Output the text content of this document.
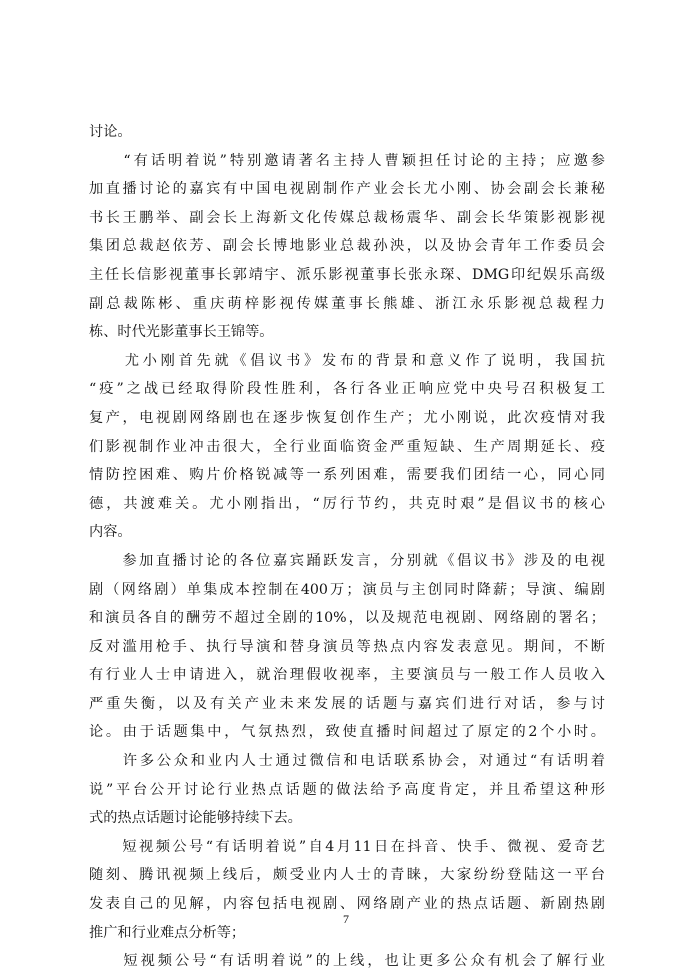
讨论。
　　“有话明着说”特别邀请著名主持人曹颖担任讨论的主持；应邀参
加直播讨论的嘉宾有中国电视剧制作产业会长尤小刚、协会副会长兼秘
书长王鹏举、副会长上海新文化传媒总裁杨震华、副会长华策影视影视
集团总裁赵依芳、副会长博地影业总裁孙泱，以及协会青年工作委员会
主任长信影视董事长郭靖宇、派乐影视董事长张永琛、DMG印纪娱乐高级
副总裁陈彬、重庆萌梓影视传媒董事长熊雄、浙江永乐影视总裁程力
栋、时代光影董事长王锦等。
　　尤小刚首先就《倡议书》发布的背景和意义作了说明，我国抗
“疫”之战已经取得阶段性胜利，各行各业正响应党中央号召积极复工
复产，电视剧网络剧也在逐步恢复创作生产；尤小刚说，此次疫情对我
们影视制作业冲击很大，全行业面临资金严重短缺、生产周期延长、疫
情防控困难、购片价格锐减等一系列困难，需要我们团结一心，同心同
德，共渡难关。尤小刚指出，“厉行节约，共克时艰”是倡议书的核心
内容。
　　参加直播讨论的各位嘉宾踊跃发言，分别就《倡议书》涉及的电视
剧（网络剧）单集成本控制在400万；演员与主创同时降薪；导演、编剧
和演员各自的酬劳不超过全剧的10%，以及规范电视剧、网络剧的署名；
反对滥用枪手、执行导演和替身演员等热点内容发表意见。期间，不断
有行业人士申请进入，就治理假收视率，主要演员与一般工作人员收入
严重失衡，以及有关产业未来发展的话题与嘉宾们进行对话，参与讨
论。由于话题集中，气氛热烈，致使直播时间超过了原定的2个小时。
　　许多公众和业内人士通过微信和电话联系协会，对通过“有话明着
说”平台公开讨论行业热点话题的做法给予高度肯定，并且希望这种形
式的热点话题讨论能够持续下去。
　　短视频公号“有话明着说”自4月11日在抖音、快手、微视、爱奇艺
随刻、腾讯视频上线后，颇受业内人士的青睐，大家纷纷登陆这一平台
发表自己的见解，内容包括电视剧、网络剧产业的热点话题、新剧热剧
推广和行业难点分析等；
　　短视频公号“有话明着说”的上线，也让更多公众有机会了解行业
7
